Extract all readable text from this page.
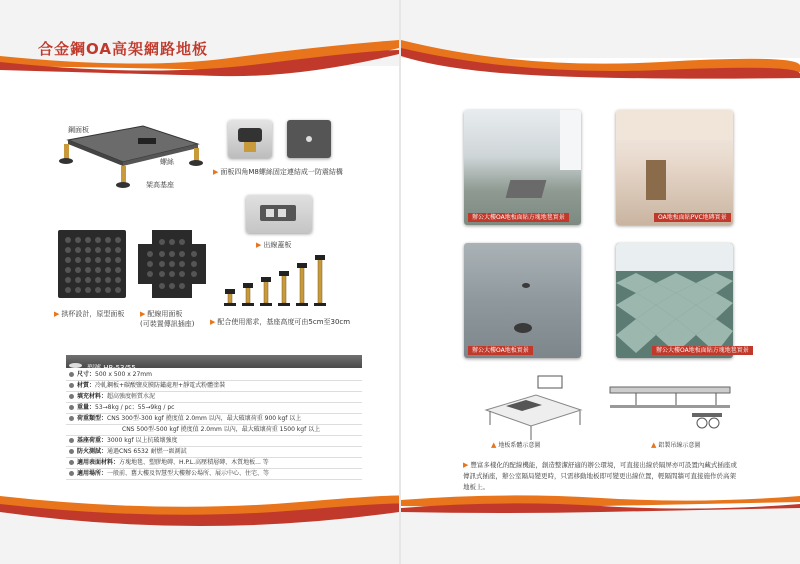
合金鋼OA高架網路地板
鋼面板
螺絲
架高基座
▶ 面板四角M8螺絲固定連結成一防震結構
▶ 出線蓋板
▶ 拱杯設計，原型面板 ▶ 配線用面板
(可裝置傳訊插座) ▶ 配合使用需求，基座高度可由5cm至30cm
型號 HR-53/55
尺寸：500 x 500 x 27mm
材質：冷軋鋼板+碳酸鹽皮膜防鏽處理+靜電式粉體塗裝
填充材料：超高強度輕質水泥
重量：53→8kg / pc；55→9kg / pc
荷重類型：CNS 300型-300 kgf 撓度值 2.0mm 以內，最大破壞荷重 900 kgf 以上
CNS 500型-500 kgf 撓度值 2.0mm 以內，最大破壞荷重 1500 kgf 以上
基座荷重：3000 kgf 以上抗破壞強度
防火測試：通過CNS 6532 耐燃一級測試
適用表面材料：方塊地毯、塑膠地磚、H.P.L.高壓積層磚、木質地板... 等
適用場所：一般前、舊大樓及智慧型大樓辦公場所、展示中心、住宅、等
辦公大樓OA地板面貼方塊地毯實景	OA地板面貼PVC地磚實景
辦公大樓OA地板實景	辦公大樓OA地板面貼方塊地毯實景
▲ 地板系體示意圖	▲ 鋁製吊線示意圖
▶ 豐富多樣化的配線機能，創造整潔舒適的辦公環境，可直接出線於隔屏亦可設置內藏式插座或傳訊式插座，辦公室隔局變更時，只需移動地板即可變更出線位置，輕隔間牆可直接施作於高架地板上。
